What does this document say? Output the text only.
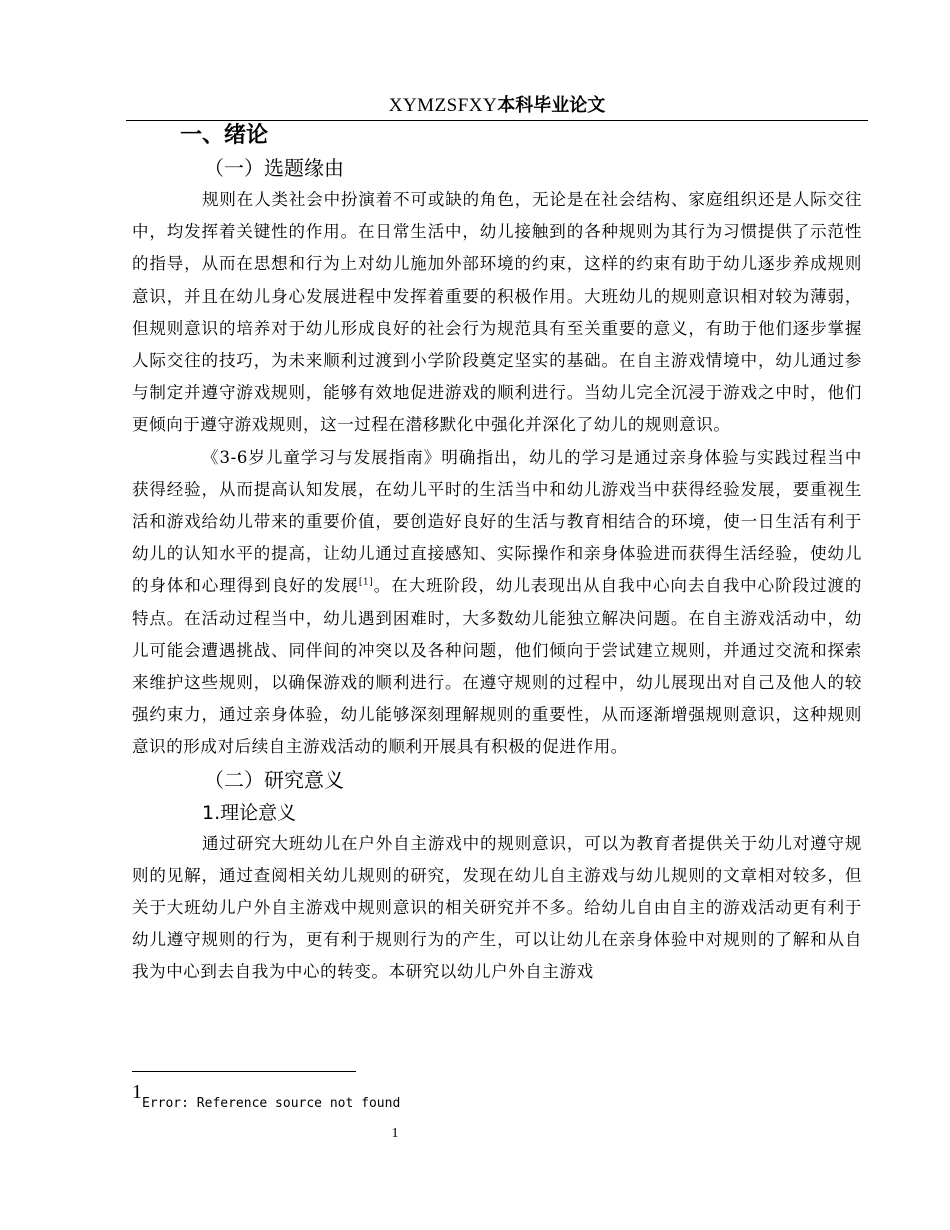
XYMZSFXY本科毕业论文
一、绪论
（一）选题缘由

规则在人类社会中扮演着不可或缺的角色，无论是在社会结构、家庭组织还是人际交往中，均发挥着关键性的作用。在日常生活中，幼儿接触到的各种规则为其行为习惯提供了示范性的指导，从而在思想和行为上对幼儿施加外部环境的约束，这样的约束有助于幼儿逐步养成规则意识，并且在幼儿身心发展进程中发挥着重要的积极作用。大班幼儿的规则意识相对较为薄弱，但规则意识的培养对于幼儿形成良好的社会行为规范具有至关重要的意义，有助于他们逐步掌握人际交往的技巧，为未来顺利过渡到小学阶段奠定坚实的基础。在自主游戏情境中，幼儿通过参与制定并遵守游戏规则，能够有效地促进游戏的顺利进行。当幼儿完全沉浸于游戏之中时，他们更倾向于遵守游戏规则，这一过程在潜移默化中强化并深化了幼儿的规则意识。

《3-6岁儿童学习与发展指南》明确指出，幼儿的学习是通过亲身体验与实践过程当中获得经验，从而提高认知发展，在幼儿平时的生活当中和幼儿游戏当中获得经验发展，要重视生活和游戏给幼儿带来的重要价值，要创造好良好的生活与教育相结合的环境，使一日生活有利于幼儿的认知水平的提高，让幼儿通过直接感知、实际操作和亲身体验进而获得生活经验，使幼儿的身体和心理得到良好的发展[1]。在大班阶段，幼儿表现出从自我中心向去自我中心阶段过渡的特点。在活动过程当中，幼儿遇到困难时，大多数幼儿能独立解决问题。在自主游戏活动中，幼儿可能会遭遇挑战、同伴间的冲突以及各种问题，他们倾向于尝试建立规则，并通过交流和探索来维护这些规则，以确保游戏的顺利进行。在遵守规则的过程中，幼儿展现出对自己及他人的较强约束力，通过亲身体验，幼儿能够深刻理解规则的重要性，从而逐渐增强规则意识，这种规则意识的形成对后续自主游戏活动的顺利开展具有积极的促进作用。

（二）研究意义
1.理论意义

通过研究大班幼儿在户外自主游戏中的规则意识，可以为教育者提供关于幼儿对遵守规则的见解，通过查阅相关幼儿规则的研究，发现在幼儿自主游戏与幼儿规则的文章相对较多，但关于大班幼儿户外自主游戏中规则意识的相关研究并不多。给幼儿自由自主的游戏活动更有利于幼儿遵守规则的行为，更有利于规则行为的产生，可以让幼儿在亲身体验中对规则的了解和从自我为中心到去自我为中心的转变。本研究以幼儿户外自主游戏

1Error: Reference source not found
1
